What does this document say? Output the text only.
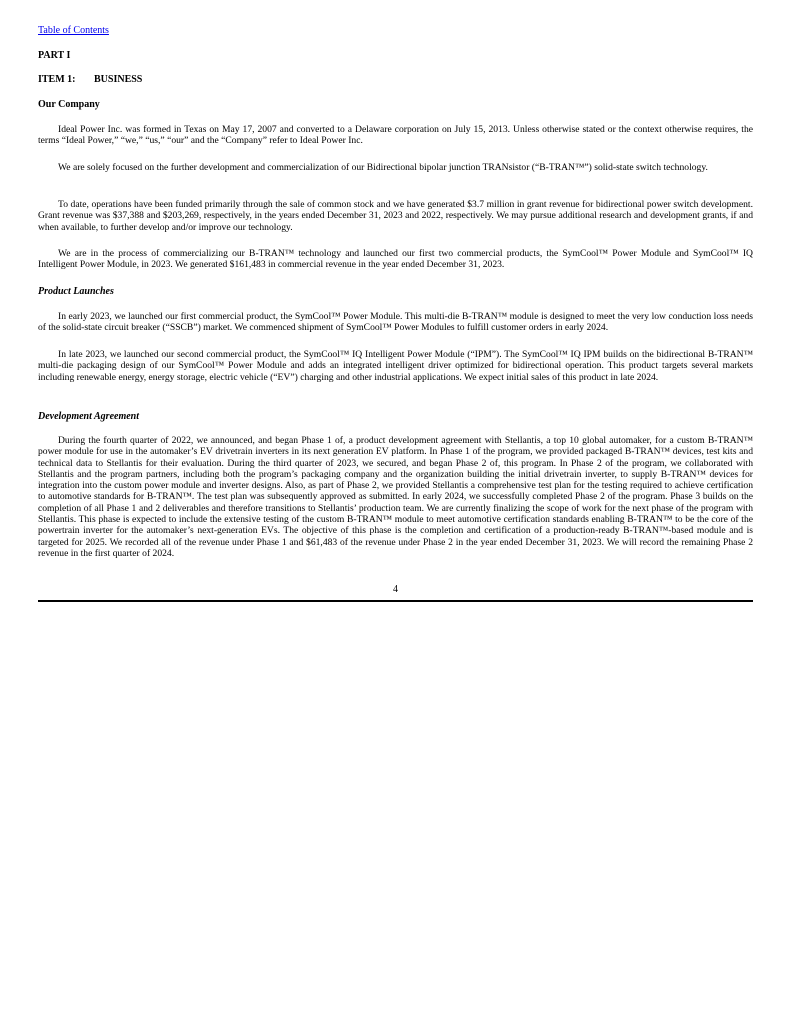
Table of Contents
PART I
ITEM 1: BUSINESS
Our Company

Ideal Power Inc. was formed in Texas on May 17, 2007 and converted to a Delaware corporation on July 15, 2013. Unless otherwise stated or the context otherwise requires, the terms “Ideal Power,” “we,” “us,” “our” and the “Company” refer to Ideal Power Inc.

We are solely focused on the further development and commercialization of our Bidirectional bipolar junction TRANsistor (“B-TRAN™”) solid-state switch technology.

To date, operations have been funded primarily through the sale of common stock and we have generated $3.7 million in grant revenue for bidirectional power switch development. Grant revenue was $37,388 and $203,269, respectively, in the years ended December 31, 2023 and 2022, respectively. We may pursue additional research and development grants, if and when available, to further develop and/or improve our technology.

We are in the process of commercializing our B-TRAN™ technology and launched our first two commercial products, the SymCool™ Power Module and SymCool™ IQ Intelligent Power Module, in 2023. We generated $161,483 in commercial revenue in the year ended December 31, 2023.

Product Launches

In early 2023, we launched our first commercial product, the SymCool™ Power Module. This multi-die B-TRAN™ module is designed to meet the very low conduction loss needs of the solid-state circuit breaker (“SSCB”) market. We commenced shipment of SymCool™ Power Modules to fulfill customer orders in early 2024.

In late 2023, we launched our second commercial product, the SymCool™ IQ Intelligent Power Module (“IPM”). The SymCool™ IQ IPM builds on the bidirectional B-TRAN™ multi-die packaging design of our SymCool™ Power Module and adds an integrated intelligent driver optimized for bidirectional operation. This product targets several markets including renewable energy, energy storage, electric vehicle (“EV”) charging and other industrial applications. We expect initial sales of this product in late 2024.

Development Agreement

During the fourth quarter of 2022, we announced, and began Phase 1 of, a product development agreement with Stellantis, a top 10 global automaker, for a custom B-TRAN™ power module for use in the automaker’s EV drivetrain inverters in its next generation EV platform. In Phase 1 of the program, we provided packaged B-TRAN™ devices, test kits and technical data to Stellantis for their evaluation. During the third quarter of 2023, we secured, and began Phase 2 of, this program. In Phase 2 of the program, we collaborated with Stellantis and the program partners, including both the program’s packaging company and the organization building the initial drivetrain inverter, to supply B-TRAN™ devices for integration into the custom power module and inverter designs. Also, as part of Phase 2, we provided Stellantis a comprehensive test plan for the testing required to achieve certification to automotive standards for B-TRAN™. The test plan was subsequently approved as submitted. In early 2024, we successfully completed Phase 2 of the program. Phase 3 builds on the completion of all Phase 1 and 2 deliverables and therefore transitions to Stellantis’ production team. We are currently finalizing the scope of work for the next phase of the program with Stellantis. This phase is expected to include the extensive testing of the custom B-TRAN™ module to meet automotive certification standards enabling B-TRAN™ to be the core of the powertrain inverter for the automaker’s next-generation EVs. The objective of this phase is the completion and certification of a production-ready B-TRAN™-based module and is targeted for 2025. We recorded all of the revenue under Phase 1 and $61,483 of the revenue under Phase 2 in the year ended December 31, 2023. We will record the remaining Phase 2 revenue in the first quarter of 2024.

4
